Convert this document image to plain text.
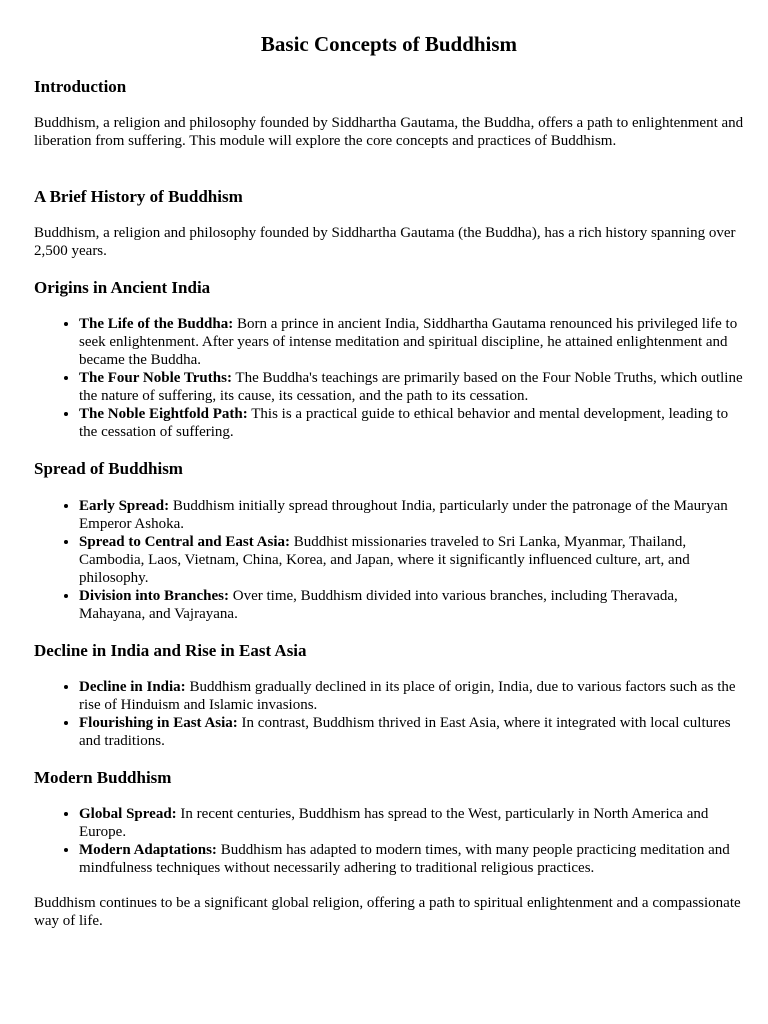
Basic Concepts of Buddhism
Introduction

Buddhism, a religion and philosophy founded by Siddhartha Gautama, the Buddha, offers a path to enlightenment and liberation from suffering. This module will explore the core concepts and practices of Buddhism.

A Brief History of Buddhism

Buddhism, a religion and philosophy founded by Siddhartha Gautama (the Buddha), has a rich history spanning over 2,500 years.

Origins in Ancient India
• The Life of the Buddha: Born a prince in ancient India, Siddhartha Gautama renounced his privileged life to seek enlightenment. After years of intense meditation and spiritual discipline, he attained enlightenment and became the Buddha.
• The Four Noble Truths: The Buddha's teachings are primarily based on the Four Noble Truths, which outline the nature of suffering, its cause, its cessation, and the path to its cessation.
• The Noble Eightfold Path: This is a practical guide to ethical behavior and mental development, leading to the cessation of suffering.
Spread of Buddhism
• Early Spread: Buddhism initially spread throughout India, particularly under the patronage of the Mauryan Emperor Ashoka.
• Spread to Central and East Asia: Buddhist missionaries traveled to Sri Lanka, Myanmar, Thailand, Cambodia, Laos, Vietnam, China, Korea, and Japan, where it significantly influenced culture, art, and philosophy.
• Division into Branches: Over time, Buddhism divided into various branches, including Theravada, Mahayana, and Vajrayana.
Decline in India and Rise in East Asia
• Decline in India: Buddhism gradually declined in its place of origin, India, due to various factors such as the rise of Hinduism and Islamic invasions.
• Flourishing in East Asia: In contrast, Buddhism thrived in East Asia, where it integrated with local cultures and traditions.
Modern Buddhism
• Global Spread: In recent centuries, Buddhism has spread to the West, particularly in North America and Europe.
• Modern Adaptations: Buddhism has adapted to modern times, with many people practicing meditation and mindfulness techniques without necessarily adhering to traditional religious practices.

Buddhism continues to be a significant global religion, offering a path to spiritual enlightenment and a compassionate way of life.
